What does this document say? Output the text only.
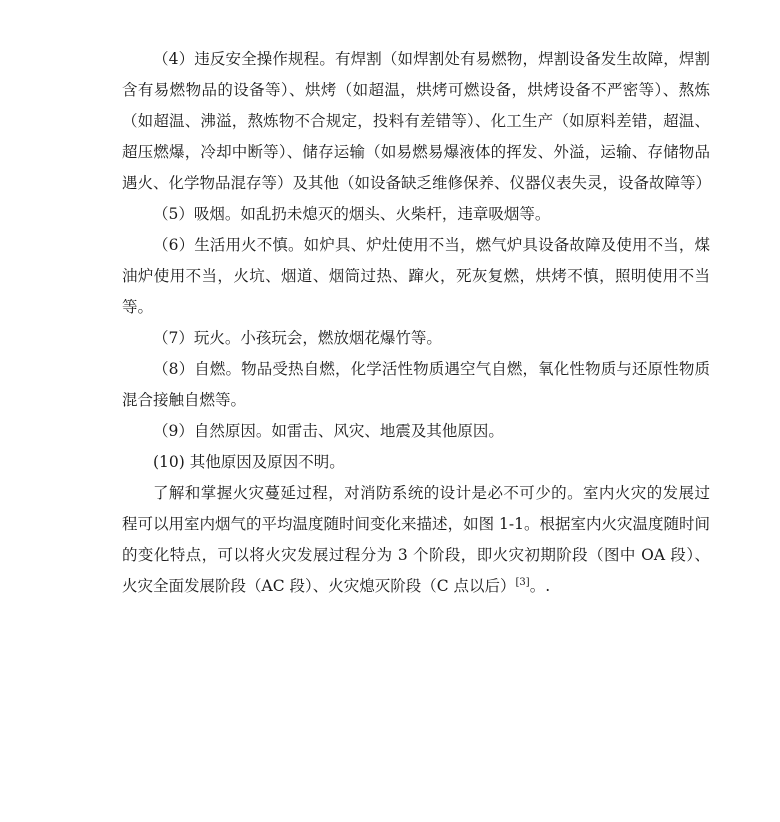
（4）违反安全操作规程。有焊割（如焊割处有易燃物，焊割设备发生故障，焊割含有易燃物品的设备等）、烘烤（如超温，烘烤可燃设备，烘烤设备不严密等）、熬炼（如超温、沸溢，熬炼物不合规定，投料有差错等）、化工生产（如原料差错，超温、超压燃爆，冷却中断等）、储存运输（如易燃易爆液体的挥发、外溢，运输、存储物品遇火、化学物品混存等）及其他（如设备缺乏维修保养、仪器仪表失灵，设备故障等）

（5）吸烟。如乱扔未熄灭的烟头、火柴杆，违章吸烟等。

（6）生活用火不慎。如炉具、炉灶使用不当，燃气炉具设备故障及使用不当，煤油炉使用不当，火坑、烟道、烟筒过热、蹿火，死灰复燃，烘烤不慎，照明使用不当等。

（7）玩火。小孩玩会，燃放烟花爆竹等。

（8）自燃。物品受热自燃，化学活性物质遇空气自燃，氧化性物质与还原性物质混合接触自燃等。

（9）自然原因。如雷击、风灾、地震及其他原因。

(10) 其他原因及原因不明。

了解和掌握火灾蔓延过程，对消防系统的设计是必不可少的。室内火灾的发展过程可以用室内烟气的平均温度随时间变化来描述，如图 1-1。根据室内火灾温度随时间的变化特点，可以将火灾发展过程分为 3 个阶段，即火灾初期阶段（图中 OA 段）、火灾全面发展阶段（AC 段）、火灾熄灭阶段（C 点以后）[3]。.
